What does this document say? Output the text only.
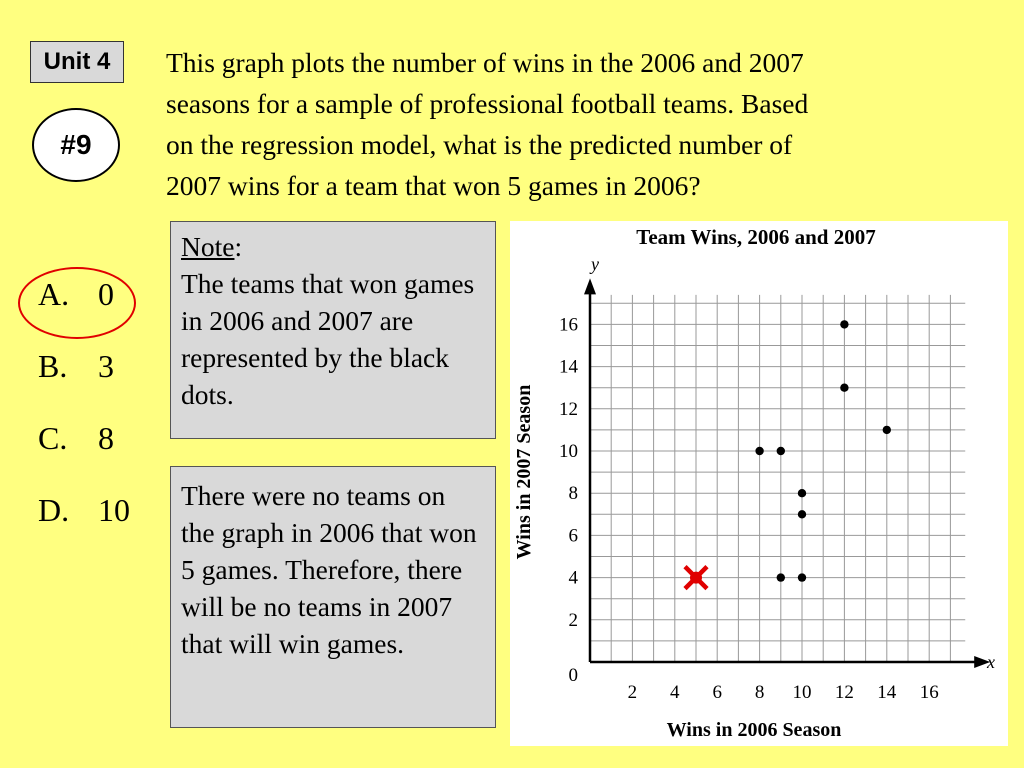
Unit 4
#9
This graph plots the number of wins in the 2006 and 2007
seasons for a sample of professional football teams. Based
on the regression model, what is the predicted number of
2007 wins for a team that won 5 games in 2006?
A. 0
B. 3
C. 8
D. 10
Note:
The teams that won games in 2006 and 2007 are represented by the black dots.
There were no teams on the graph in 2006 that won 5 games. Therefore, there will be no teams in 2007 that will win games.
2 4 6 8 10 12 14 16
2
4
6
8
10
12
14
16
Team Wins, 2006 and 2007
Wins in 2006 Season
Wins in 2007 Season
y
x
0
